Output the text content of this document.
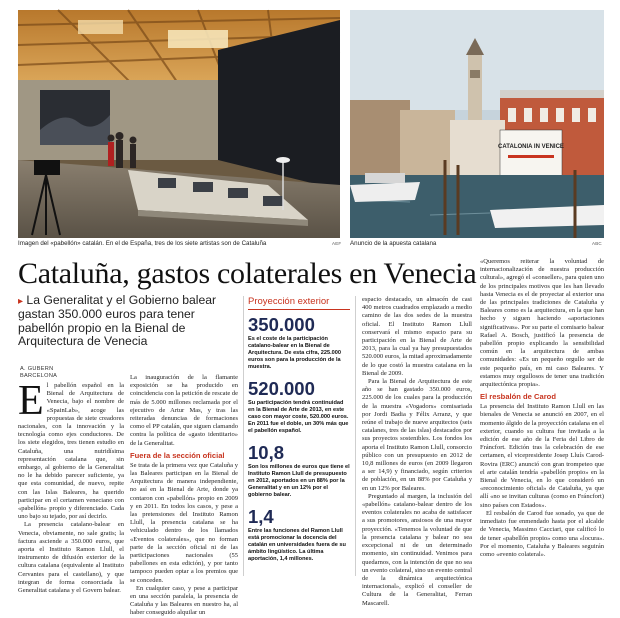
Imagen del «pabellón» catalán. En el de España, tres de los siete artistas son de Cataluña	AEF
CATALONIA IN VENICE
Anuncio de la apuesta catalana	ABC
Cataluña, gastos colaterales en Venecia
▸ La Generalitat y el Gobierno balear gastan 350.000 euros para tener pabellón propio en la Bienal de Arquitectura de Venecia
A. GUBERN
BARCELONA
E l pabellón español en la Bienal de Arquitectura de Venecia, bajo el nombre de «SpainLab», acoge las propuestas de siete creadores nacionales, con la innovación y la tecnología como ejes conductores. De los siete elegidos, tres tienen estudio en Cataluña, una nutridísima representación catalana que, sin embargo, al gobierno de la Generalitat no le ha debido parecer suficiente, ya que esta comunidad, de nuevo, repite con las Islas Baleares, ha querido participar en el certamen veneciano con «pabellón» propio y diferenciado. Cada uno bajo su tejado, por así decirlo.

La presencia catalano-balear en Venecia, obviamente, no sale gratis; la factura asciende a 350.000 euros, que aporta el Instituto Ramon Llull, el instrumento de difusión exterior de la cultura catalana (equivalente al Instituto Cervantes para el castellano), y que integran de forma consorciada la Generalitat catalana y el Govern balear.

La inauguración de la flamante exposición se ha producido en coincidencia con la petición de rescate de más de 5.000 millones reclamada por el ejecutivo de Artur Mas, y tras las reiteradas denuncias de formaciones como el PP catalán, que siguen clamando contra la política de «gasto identitario» de la Generalitat.

Fuera de la sección oficial

Se trata de la primera vez que Cataluña y las Baleares participan en la Bienal de Arquitectura de manera independiente, no así en la Bienal de Arte, donde ya contaron con «pabellón» propio en 2009 y en 2011. En todos los casos, y pese a las pretensiones del Instituto Ramon Llull, la presencia catalana se ha vehiculado dentro de los llamados «Eventos colaterales», que no forman parte de la sección oficial ni de las participaciones nacionales (55 pabellones en esta edición), y por tanto tampoco pueden optar a los premios que se conceden.

En cualquier caso, y pese a participar en una sección paralela, la presencia de Cataluña y las Baleares en nuestro ha, al haber conseguido alquilar un

Proyección exterior
350.000
Es el coste de la participación catalano-balear en la Bienal de Arquitectura. De esta cifra, 225.000 euros son para la producción de la muestra.
520.000
Su participación tendrá continuidad en la Bienal de Arte de 2013, en este caso con mayor coste, 520.000 euros. En 2011 fue el doble, un 30% más que el pabellón español.
10,8
Son los millones de euros que tiene el Instituto Ramon Llull de presupuesto en 2012, aportados en un 88% por la Generalitat y en un 12% por el gobierno balear.
1,4
Entre las funciones del Ramon Llull está promocionar la docencia del catalán en universidades fuera de su ámbito lingüístico. La última aportación, 1,4 millones.

espacio destacado, un almacén de casi 400 metros cuadrados emplazado a medio camino de las dos sedes de la muestra oficial. El Instituto Ramon Llull conservará el mismo espacio para su participación en la Bienal de Arte de 2013, para la cual ya hay presupuestados 520.000 euros, la mitad aproximadamente de lo que costó la muestra catalana en la Bienal de 2009.

Para la Bienal de Arquitectura de este año se han gastado 350.000 euros, 225.000 de los cuales para la producción de la muestra «Vogadors» comisariada por Jordi Badia y Félix Arranz, y que reúne el trabajo de nueve arquitectos (seis catalanes, tres de las islas) destacados por sus proyectos sostenibles. Los fondos los aporta el Instituto Ramon Llull, consorcio público con un presupuesto en 2012 de 10,8 millones de euros (en 2009 llegaron a ser 14,9) y financiado, según criterios de población, en un 88% por Cataluña y en un 12% por Baleares.

Preguntado al margen, la inclusión del «pabellón» catalano-balear dentro de los eventos colaterales no acaba de satisfacer a sus promotores, ansiosos de una mayor proyección. «Tenemos la voluntad de que la presencia catalana y balear no sea excepcional ni de un determinado momento, sin continuidad. Venimos para quedarnos, con la intención de que no sea un evento colateral, sino un evento central de la dinámica arquitectónica internacional», explicó el conseller de Cultura de la Generalitat, Ferran Mascarell.

«Queremos reiterar la voluntad de internacionalización de nuestra producción cultural», agregó el «conseller», para quien uno de los principales motivos que les han llevado hasta Venecia es el de proyectar al exterior una de las principales tradiciones de Cataluña y Baleares como es la arquitectura, en la que han hecho y siguen haciendo «aportaciones significativas». Por su parte el comisario balear Rafael A. Bosch, justificó la presencia de pabellón propio explicando la sensibilidad común en la arquitectura de ambas comunidades: «Es un pequeño orgullo ser de este pequeño país, en mi caso Baleares. Y estamos muy orgullosos de tener una tradición arquitectónica propia».

El resbalón de Carod

La presencia del Instituto Ramon Llull en las bienales de Venecia se anunció en 2007, en el momento álgido de la proyección catalana en el exterior, cuando su cultura fue invitada a la edición de ese año de la Feria del Libro de Fráncfort. Edición tras la celebración de ese certamen, el vicepresidente Josep Lluís Carod-Rovira (ERC) anunció con gran trompeteo que el arte catalán tendría «pabellón propio» en la Bienal de Venecia, en lo que consideró un «reconocimiento oficial» de Cataluña, ya que allí «no se invitan culturas (como en Fráncfort) sino países con Estados».

El resbalón de Carod fue sonado, ya que de inmediato fue enmendado hasta por el alcalde de Venecia, Massimo Cacciari, que calificó lo de tener «pabellón propio» como una «locura». Por el momento, Cataluña y Baleares seguirán como «evento colateral».
